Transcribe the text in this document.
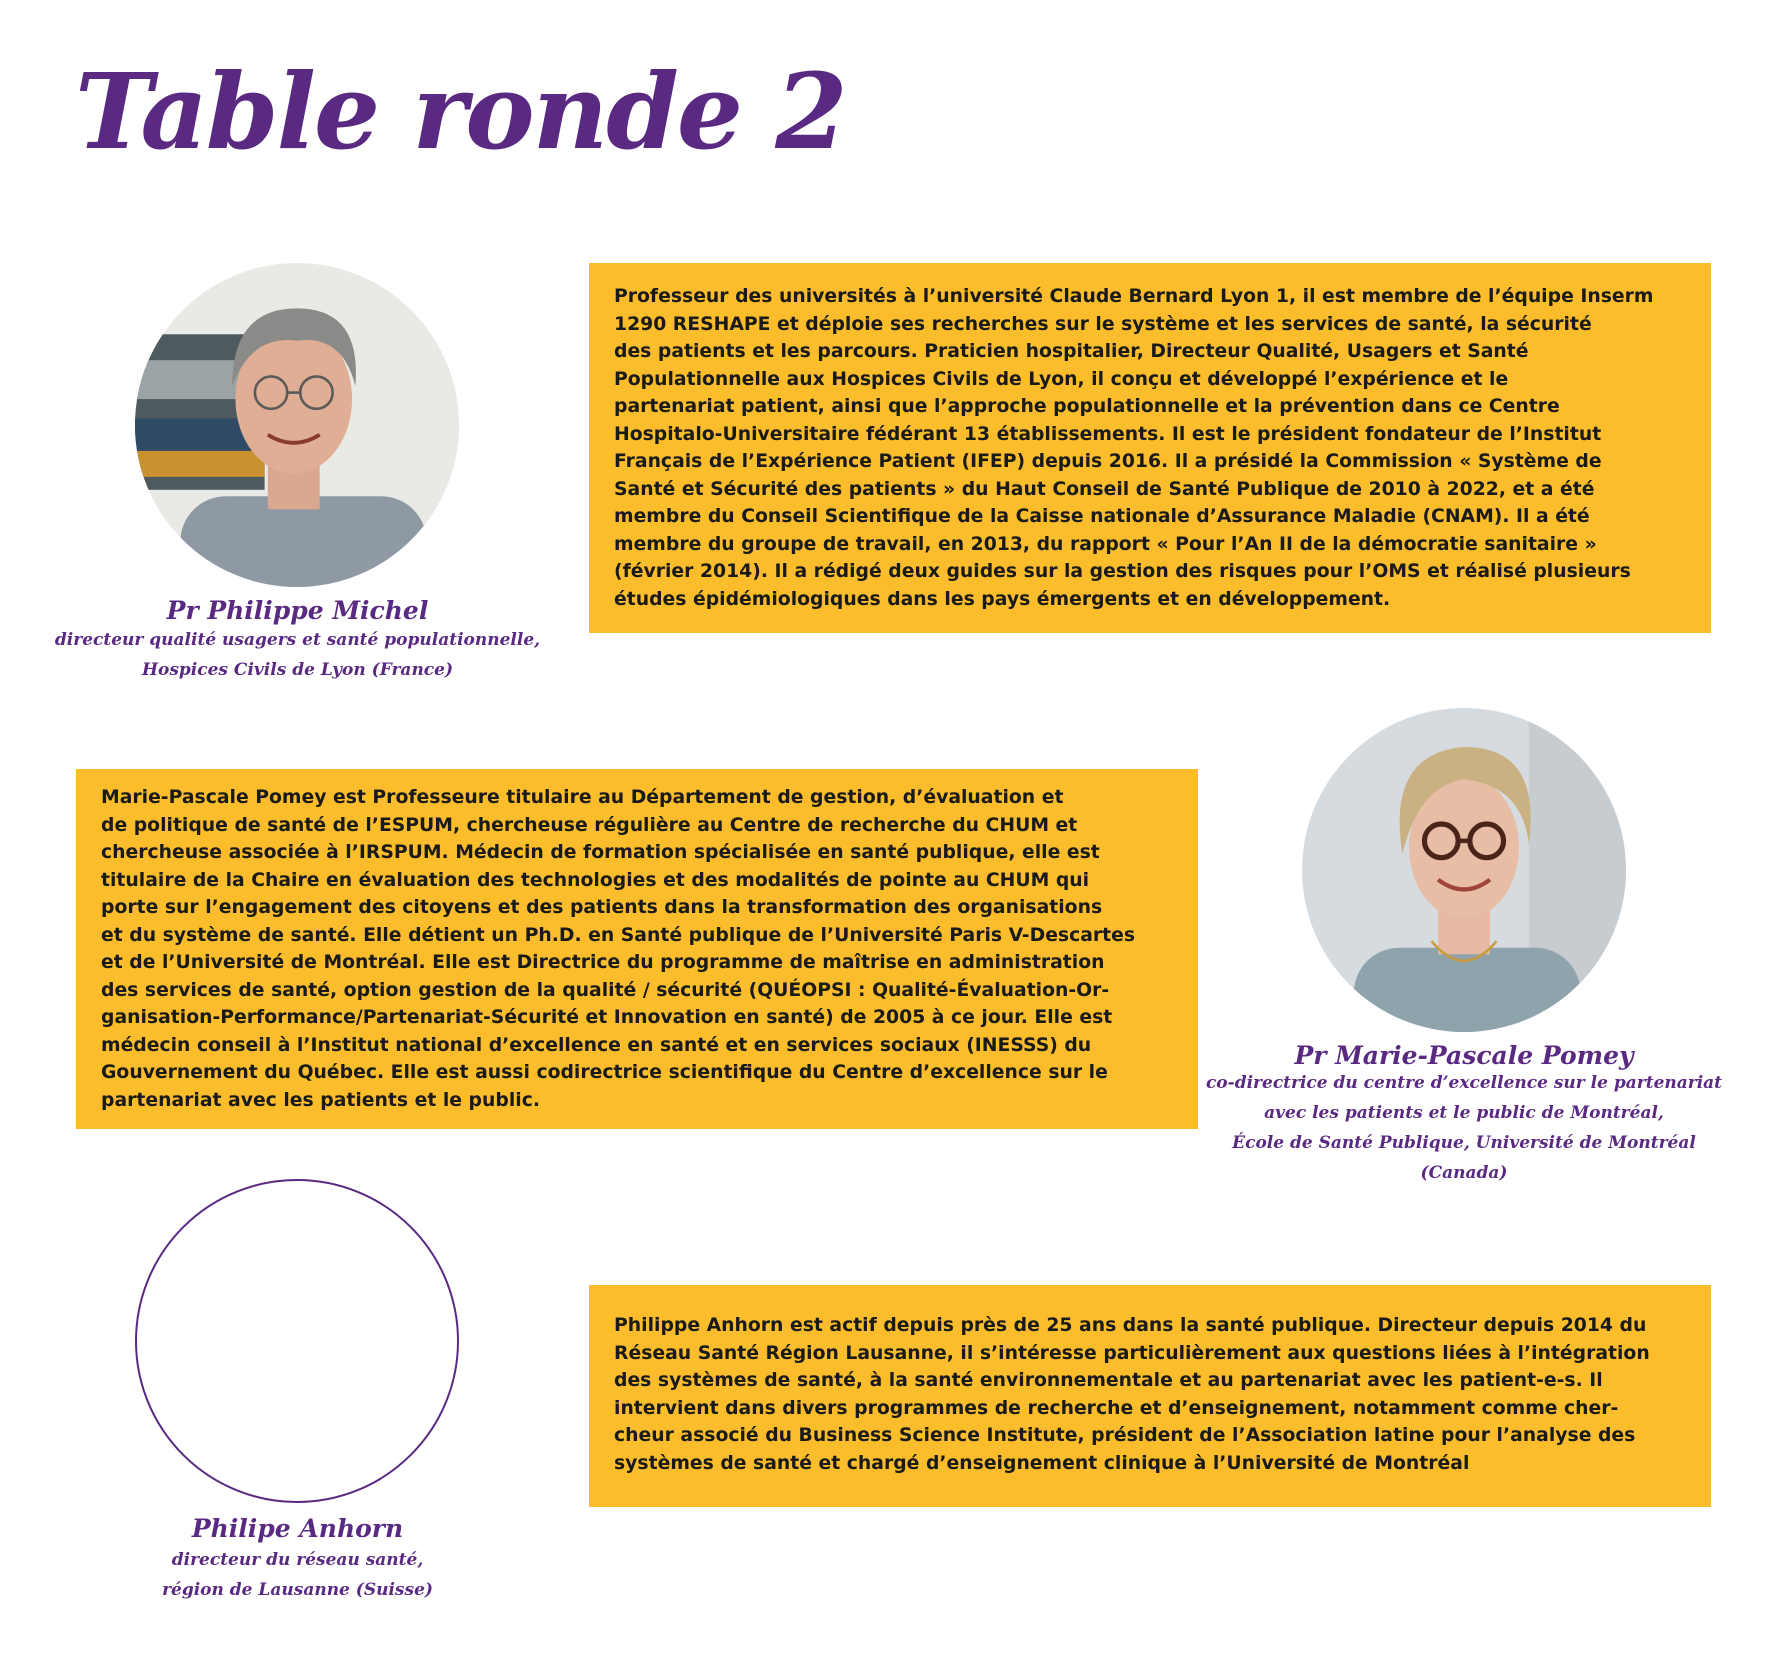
Table ronde 2
Pr Philippe Michel
directeur qualité usagers et santé populationnelle,
Hospices Civils de Lyon (France)
Professeur des universités à l’université Claude Bernard Lyon 1, il est membre de l’équipe Inserm
1290 RESHAPE et déploie ses recherches sur le système et les services de santé, la sécurité
des patients et les parcours. Praticien hospitalier, Directeur Qualité, Usagers et Santé
Populationnelle aux Hospices Civils de Lyon, il conçu et développé l’expérience et le
partenariat patient, ainsi que l’approche populationnelle et la prévention dans ce Centre
Hospitalo-Universitaire fédérant 13 établissements. Il est le président fondateur de l’Institut
Français de l’Expérience Patient (IFEP) depuis 2016. Il a présidé la Commission « Système de
Santé et Sécurité des patients » du Haut Conseil de Santé Publique de 2010 à 2022, et a été
membre du Conseil Scientifique de la Caisse nationale d’Assurance Maladie (CNAM). Il a été
membre du groupe de travail, en 2013, du rapport « Pour l’An II de la démocratie sanitaire »
(février 2014). Il a rédigé deux guides sur la gestion des risques pour l’OMS et réalisé plusieurs
études épidémiologiques dans les pays émergents et en développement.
Marie-Pascale Pomey est Professeure titulaire au Département de gestion, d’évaluation et
de politique de santé de l’ESPUM, chercheuse régulière au Centre de recherche du CHUM et
chercheuse associée à l’IRSPUM. Médecin de formation spécialisée en santé publique, elle est
titulaire de la Chaire en évaluation des technologies et des modalités de pointe au CHUM qui
porte sur l’engagement des citoyens et des patients dans la transformation des organisations
et du système de santé. Elle détient un Ph.D. en Santé publique de l’Université Paris V-Descartes
et de l’Université de Montréal. Elle est Directrice du programme de maîtrise en administration
des services de santé, option gestion de la qualité / sécurité (QUÉOPSI : Qualité-Évaluation-Or-
ganisation-Performance/Partenariat-Sécurité et Innovation en santé) de 2005 à ce jour. Elle est
médecin conseil à l’Institut national d’excellence en santé et en services sociaux (INESSS) du
Gouvernement du Québec. Elle est aussi codirectrice scientifique du Centre d’excellence sur le
partenariat avec les patients et le public.
Pr Marie-Pascale Pomey
co-directrice du centre d’excellence sur le partenariat
avec les patients et le public de Montréal,
École de Santé Publique, Université de Montréal
(Canada)
Philipe Anhorn
directeur du réseau santé,
région de Lausanne (Suisse)
Philippe Anhorn est actif depuis près de 25 ans dans la santé publique. Directeur depuis 2014 du
Réseau Santé Région Lausanne, il s’intéresse particulièrement aux questions liées à l’intégration
des systèmes de santé, à la santé environnementale et au partenariat avec les patient-e-s. Il
intervient dans divers programmes de recherche et d’enseignement, notamment comme cher-
cheur associé du Business Science Institute, président de l’Association latine pour l’analyse des
systèmes de santé et chargé d’enseignement clinique à l’Université de Montréal
